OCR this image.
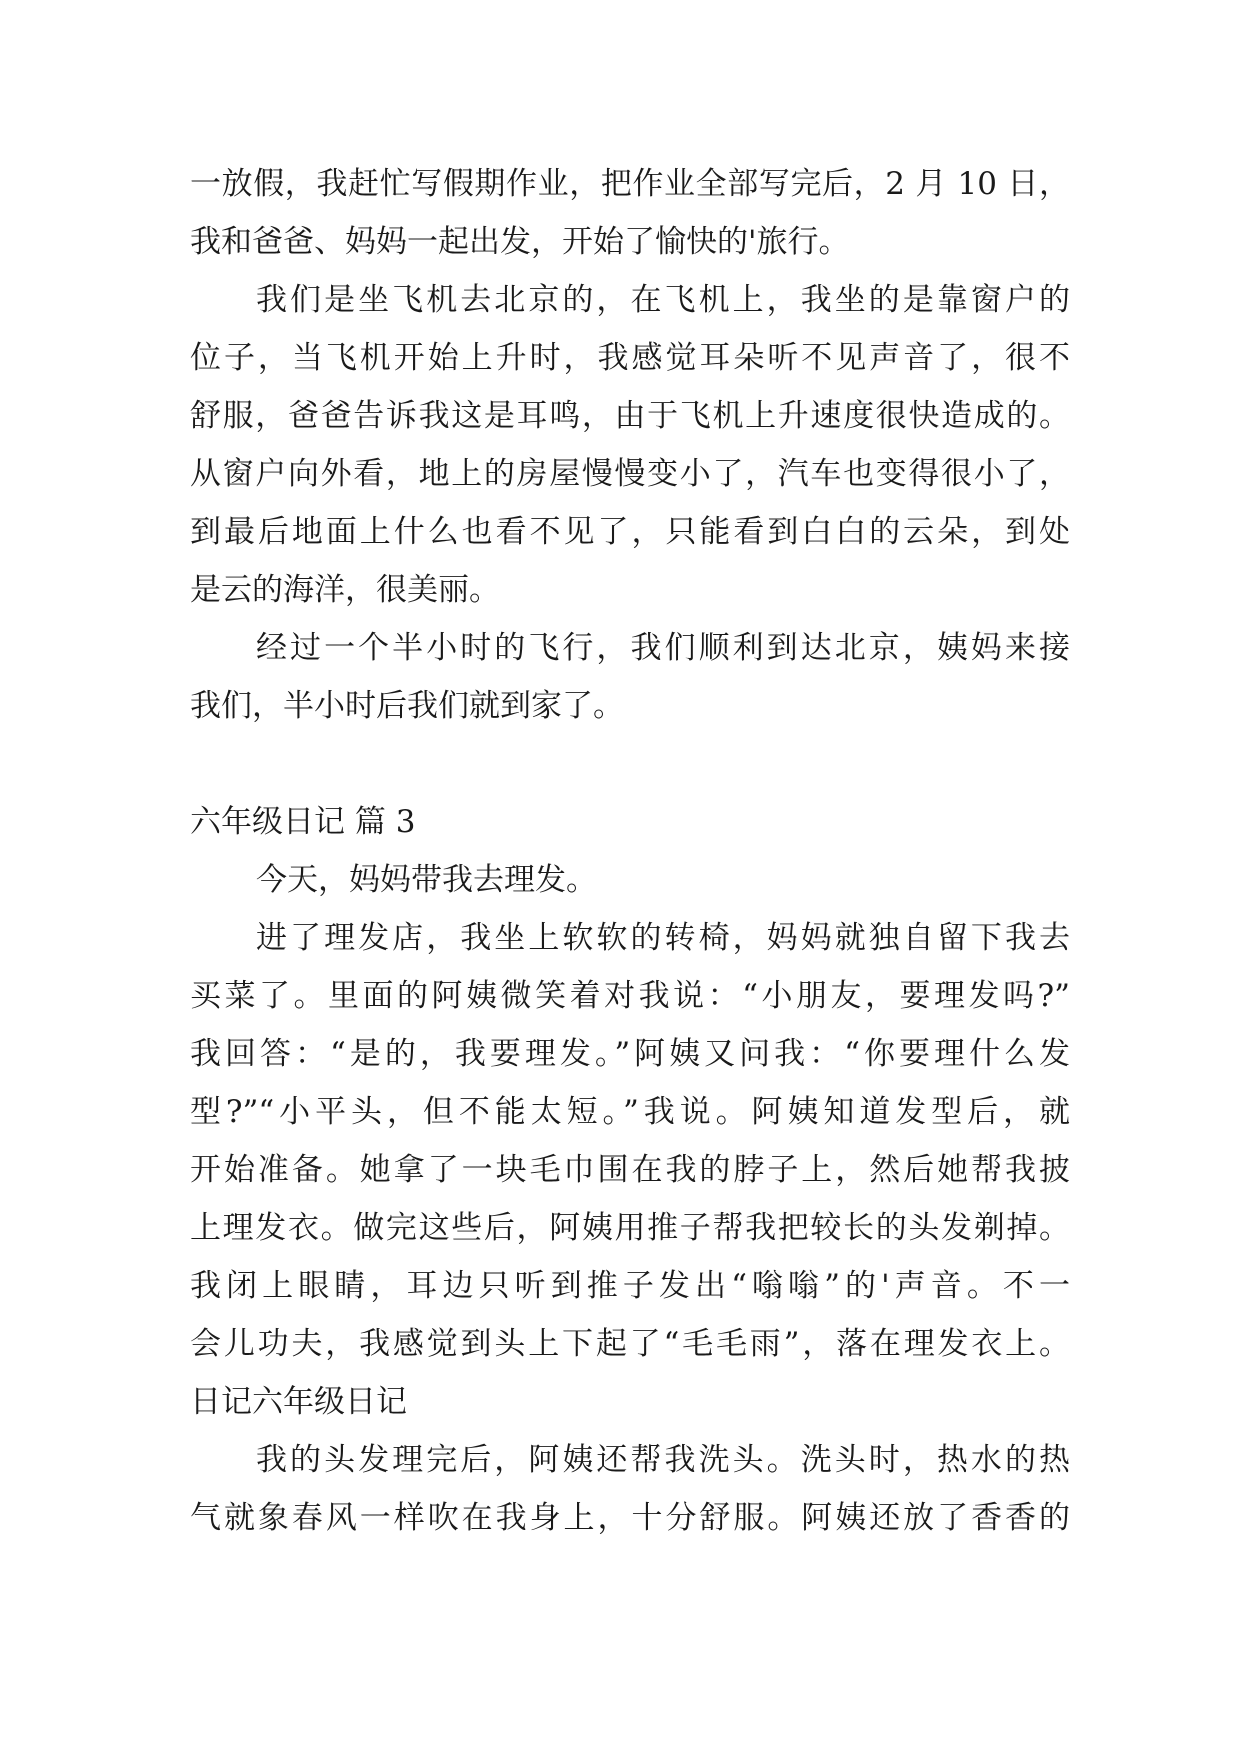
一放假，我赶忙写假期作业，把作业全部写完后，2 月 10 日，
我和爸爸、妈妈一起出发，开始了愉快的'旅行。
我们是坐飞机去北京的，在飞机上，我坐的是靠窗户的
位子，当飞机开始上升时，我感觉耳朵听不见声音了，很不
舒服，爸爸告诉我这是耳鸣，由于飞机上升速度很快造成的。
从窗户向外看，地上的房屋慢慢变小了，汽车也变得很小了，
到最后地面上什么也看不见了，只能看到白白的云朵，到处
是云的海洋，很美丽。
经过一个半小时的飞行，我们顺利到达北京，姨妈来接
我们，半小时后我们就到家了。
六年级日记 篇 3
今天，妈妈带我去理发。
进了理发店，我坐上软软的转椅，妈妈就独自留下我去
买菜了。里面的阿姨微笑着对我说：“小朋友，要理发吗?”
我回答：“是的，我要理发。”阿姨又问我：“你要理什么发
型?”“小平头，但不能太短。”我说。阿姨知道发型后，就
开始准备。她拿了一块毛巾围在我的脖子上，然后她帮我披
上理发衣。做完这些后，阿姨用推子帮我把较长的头发剃掉。
我闭上眼睛，耳边只听到推子发出“嗡嗡”的'声音。不一
会儿功夫，我感觉到头上下起了“毛毛雨”，落在理发衣上。
日记六年级日记
我的头发理完后，阿姨还帮我洗头。洗头时，热水的热
气就象春风一样吹在我身上，十分舒服。阿姨还放了香香的
